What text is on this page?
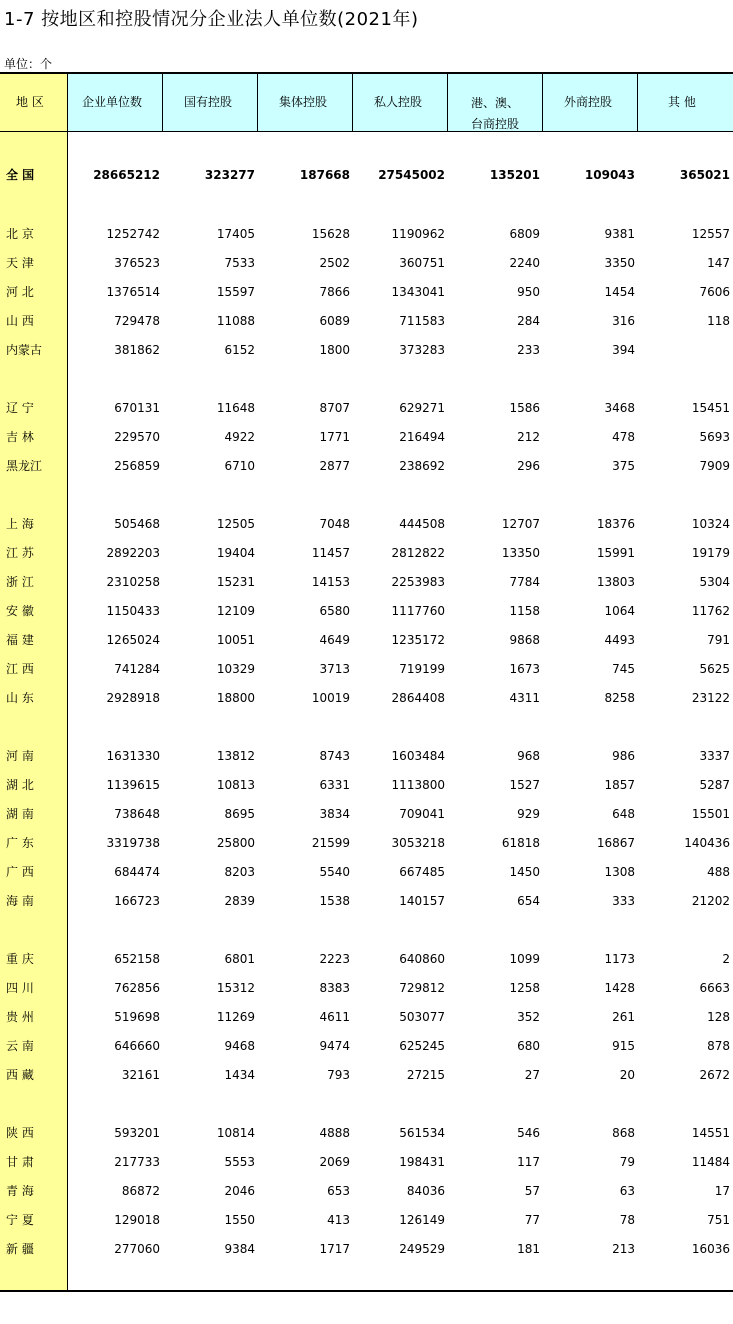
1-7 按地区和控股情况分企业法人单位数(2021年)
单位：个
地 区	企业单位数	国有控股	集体控股	私人控股	港、澳、
台商控股
外商控股	其 他
全 国	28665212	323277	187668 27545002	135201	109043	365021
北 京	1252742	17405	15628	1190962	6809	9381	12557
天 津	376523	7533	2502	360751	2240	3350	147
河 北	1376514	15597	7866	1343041	950	1454	7606
山 西	729478	11088	6089	711583	284	316	118
内蒙古	381862	6152	1800	373283	233	394
辽 宁	670131	11648	8707	629271	1586	3468	15451
吉 林	229570	4922	1771	216494	212	478	5693
黑龙江	256859	6710	2877	238692	296	375	7909
上 海	505468	12505	7048	444508	12707	18376	10324
江 苏	2892203	19404	11457	2812822	13350	15991	19179
浙 江	2310258	15231	14153	2253983	7784	13803	5304
安 徽	1150433	12109	6580	1117760	1158	1064	11762
福 建	1265024	10051	4649	1235172	9868	4493	791
江 西	741284	10329	3713	719199	1673	745	5625
山 东	2928918	18800	10019	2864408	4311	8258	23122
河 南	1631330	13812	8743	1603484	968	986	3337
湖 北	1139615	10813	6331	1113800	1527	1857	5287
湖 南	738648	8695	3834	709041	929	648	15501
广 东	3319738	25800	21599	3053218	61818	16867	140436
广 西	684474	8203	5540	667485	1450	1308	488
海 南	166723	2839	1538	140157	654	333	21202
重 庆	652158	6801	2223	640860	1099	1173	2
四 川	762856	15312	8383	729812	1258	1428	6663
贵 州	519698	11269	4611	503077	352	261	128
云 南	646660	9468	9474	625245	680	915	878
西 藏	32161	1434	793	27215	27	20	2672
陕 西	593201	10814	4888	561534	546	868	14551
甘 肃	217733	5553	2069	198431	117	79	11484
青 海	86872	2046	653	84036	57	63	17
宁 夏	129018	1550	413	126149	77	78	751
新 疆	277060	9384	1717	249529	181	213	16036
